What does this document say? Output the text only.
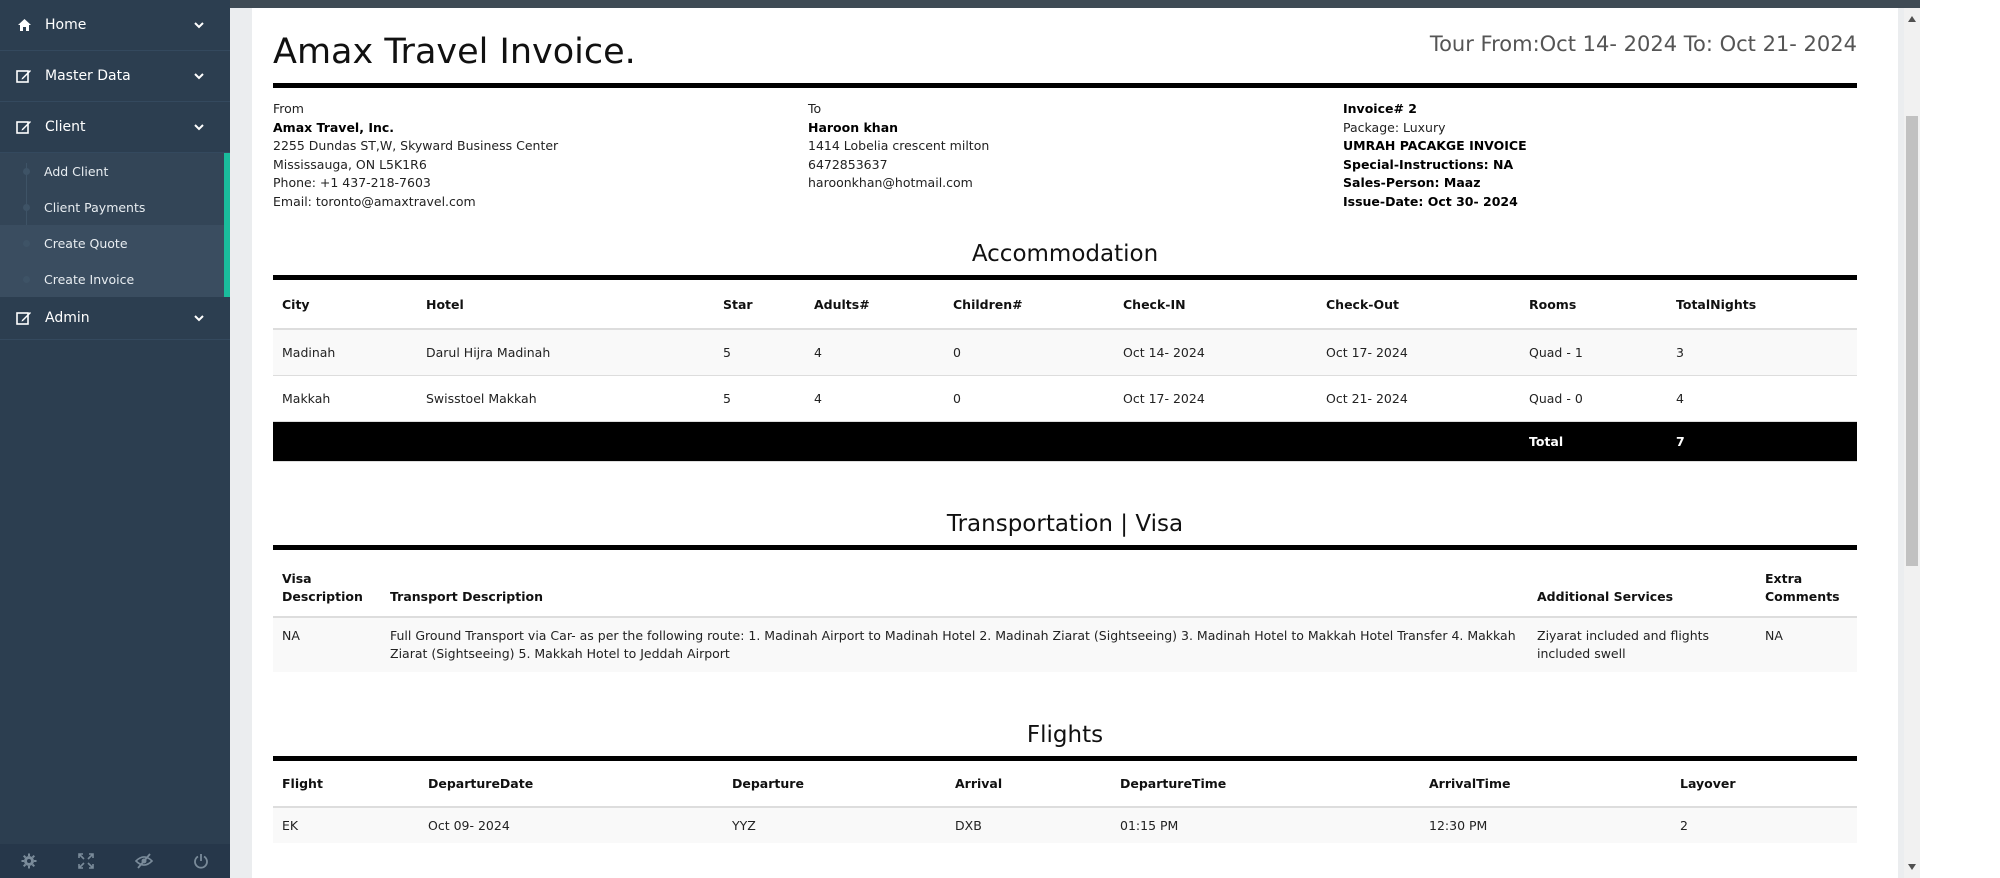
Home
Master Data
Client
Add Client
Client Payments
Create Quote
Create Invoice
Admin
Amax Travel Invoice.	Tour From:Oct 14- 2024 To: Oct 21- 2024
From
Amax Travel, Inc.
2255 Dundas ST,W, Skyward Business Center
Mississauga, ON L5K1R6
Phone: +1 437-218-7603
Email: toronto@amaxtravel.com
To
Haroon khan
1414 Lobelia crescent milton
6472853637
haroonkhan@hotmail.com
Invoice# 2
Package: Luxury
UMRAH PACAKGE INVOICE
Special-Instructions: NA
Sales-Person: Maaz
Issue-Date: Oct 30- 2024
Accommodation
City	Hotel	Star	Adults#	Children#	Check-IN	Check-Out	Rooms	TotalNights
Madinah	Darul Hijra Madinah	5	4	0	Oct 14- 2024	Oct 17- 2024	Quad - 1	3
Makkah	Swisstoel Makkah	5	4	0	Oct 17- 2024	Oct 21- 2024	Quad - 0	4
							Total	7
Transportation | Visa
Visa Description	Transport Description	Additional Services	Extra Comments
NA	Full Ground Transport via Car- as per the following route: 1. Madinah Airport to Madinah Hotel 2. Madinah Ziarat (Sightseeing) 3. Madinah Hotel to Makkah Hotel Transfer 4. Makkah Ziarat (Sightseeing) 5. Makkah Hotel to Jeddah Airport	Ziyarat included and flights included swell	NA
Flights
Flight	DepartureDate	Departure	Arrival	DepartureTime	ArrivalTime	Layover
EK	Oct 09- 2024	YYZ	DXB	01:15 PM	12:30 PM	2
